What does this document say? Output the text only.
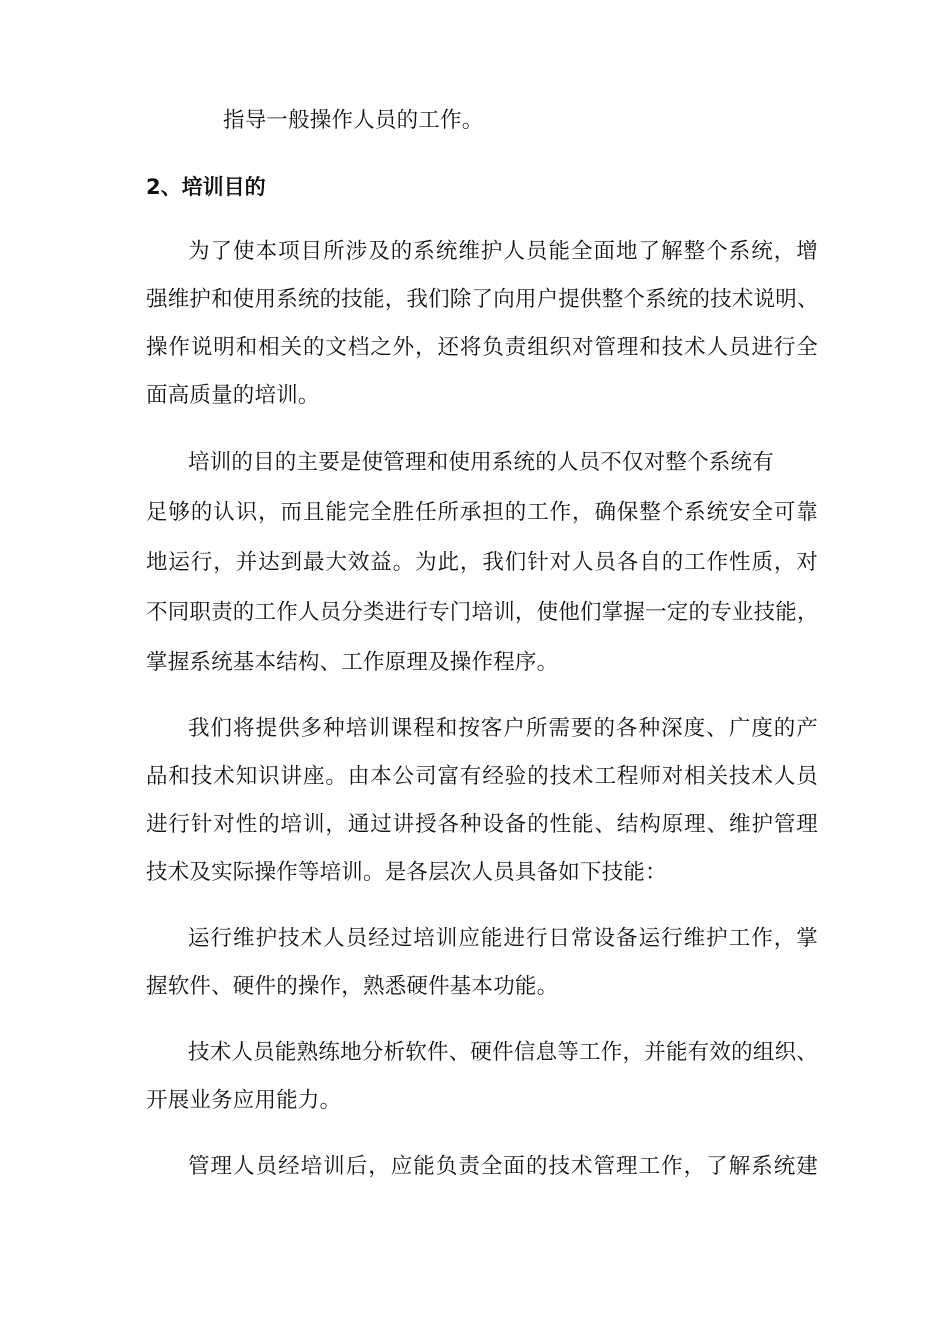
指导一般操作人员的工作。
2、培训目的
为了使本项目所涉及的系统维护人员能全面地了解整个系统，增
强维护和使用系统的技能，我们除了向用户提供整个系统的技术说明、
操作说明和相关的文档之外，还将负责组织对管理和技术人员进行全
面高质量的培训。
培训的目的主要是使管理和使用系统的人员不仅对整个系统有
足够的认识，而且能完全胜任所承担的工作，确保整个系统安全可靠
地运行，并达到最大效益。为此，我们针对人员各自的工作性质，对
不同职责的工作人员分类进行专门培训，使他们掌握一定的专业技能，
掌握系统基本结构、工作原理及操作程序。
我们将提供多种培训课程和按客户所需要的各种深度、广度的产
品和技术知识讲座。由本公司富有经验的技术工程师对相关技术人员
进行针对性的培训，通过讲授各种设备的性能、结构原理、维护管理
技术及实际操作等培训。是各层次人员具备如下技能：
运行维护技术人员经过培训应能进行日常设备运行维护工作，掌
握软件、硬件的操作，熟悉硬件基本功能。
技术人员能熟练地分析软件、硬件信息等工作，并能有效的组织、
开展业务应用能力。
管理人员经培训后，应能负责全面的技术管理工作，了解系统建
